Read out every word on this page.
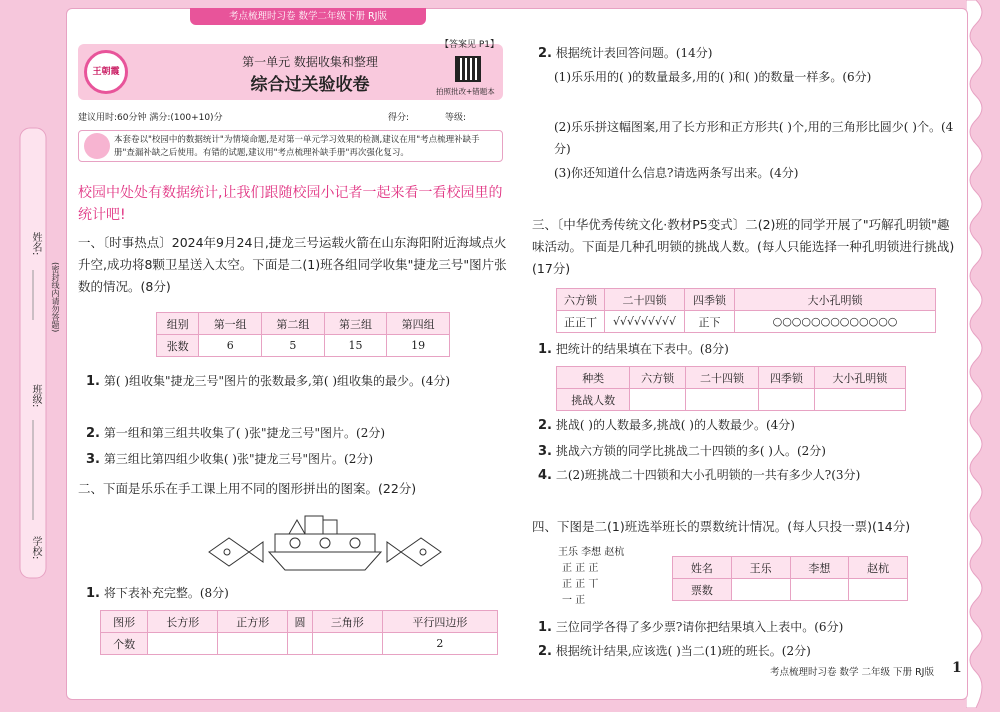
姓名:
班级:
学校:
(密封线内请勿答题)
考点梳理时习卷 数学二年级下册 RJ版
王朝霞
第一单元 数据收集和整理
综合过关验收卷
【答案见 P1】
拍照批改+错题本
建议用时:60分钟 满分:(100+10)分	得分:	等级:
本套卷以"校园中的数据统计"为情境命题,是对第一单元学习效果的检测,建议在用"考点梳理补缺手册"查漏补缺之后使用。有错的试题,建议用"考点梳理补缺手册"再次强化复习。
校园中处处有数据统计,让我们跟随校园小记者一起来看一看校园里的统计吧!
一、〔时事热点〕2024年9月24日,捷龙三号运载火箭在山东海阳附近海域点火升空,成功将8颗卫星送入太空。下面是二(1)班各组同学收集"捷龙三号"图片张数的情况。(8分)
组别	第一组	第二组	第三组	第四组
张数	6	5	15	19
1. 第( )组收集"捷龙三号"图片的张数最多,第( )组收集的最少。(4分)
2. 第一组和第三组共收集了( )张"捷龙三号"图片。(2分)
3. 第三组比第四组少收集( )张"捷龙三号"图片。(2分)
二、下面是乐乐在手工课上用不同的图形拼出的图案。(22分)
1. 将下表补充完整。(8分)
图形	长方形	正方形	圆	三角形	平行四边形
个数					2
2. 根据统计表回答问题。(14分)
(1)乐乐用的( )的数量最多,用的( )和( )的数量一样多。(6分)
(2)乐乐拼这幅图案,用了长方形和正方形共( )个,用的三角形比圆少( )个。(4分)
(3)你还知道什么信息?请选两条写出来。(4分)
三、〔中华优秀传统文化·教材P5变式〕二(2)班的同学开展了"巧解孔明锁"趣味活动。下面是几种孔明锁的挑战人数。(每人只能选择一种孔明锁进行挑战)(17分)
六方锁	二十四锁	四季锁	大小孔明锁
正正丅	√√√√√√√√√	正下	○○○○○○○○○○○○○
1. 把统计的结果填在下表中。(8分)
种类	六方锁	二十四锁	四季锁	大小孔明锁
挑战人数				
2. 挑战( )的人数最多,挑战( )的人数最少。(4分)
3. 挑战六方锁的同学比挑战二十四锁的多( )人。(2分)
4. 二(2)班挑战二十四锁和大小孔明锁的一共有多少人?(3分)
四、下图是二(1)班选举班长的票数统计情况。(每人只投一票)(14分)
王乐 李想 赵杭
正 正 正
正 正 丅
一 正
姓名	王乐	李想	赵杭
票数			
1. 三位同学各得了多少票?请你把结果填入上表中。(6分)
2. 根据统计结果,应该选( )当二(1)班的班长。(2分)
考点梳理时习卷 数学 二年级 下册 RJ版 1
